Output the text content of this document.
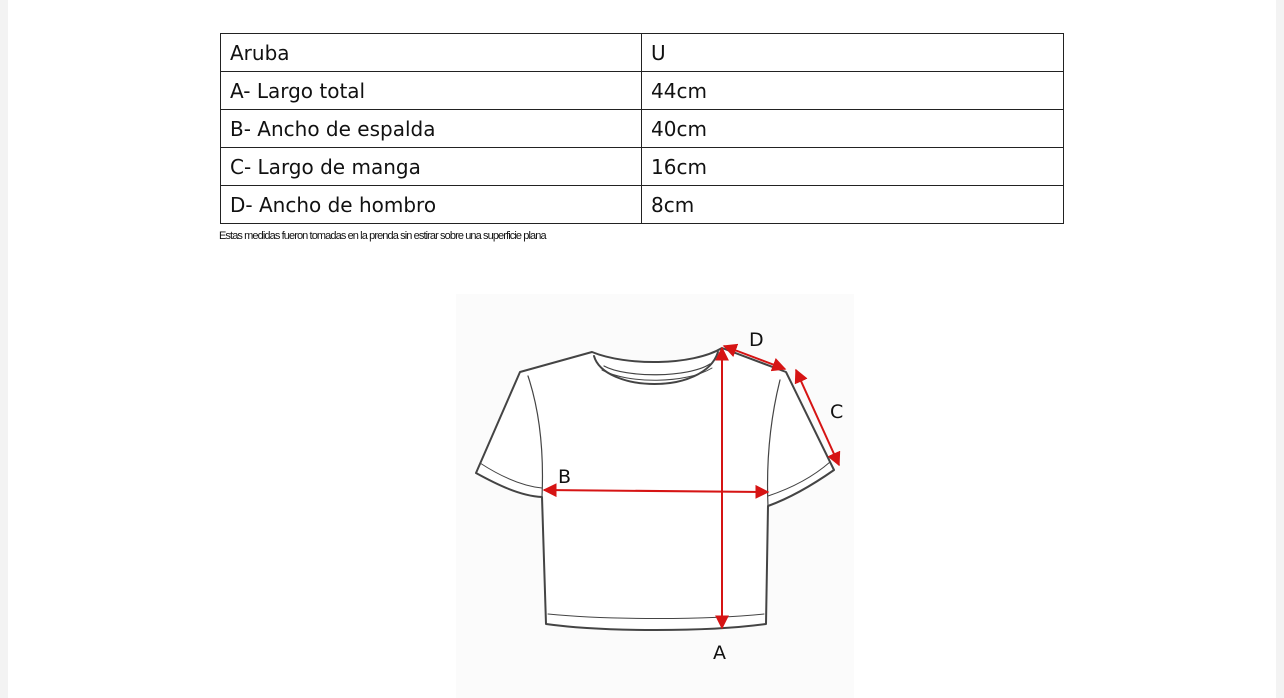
Aruba	U
A- Largo total	44cm
B- Ancho de espalda	40cm
C- Largo de manga	16cm
D- Ancho de hombro	8cm
Estas medidas fueron tomadas en la prenda sin estirar sobre una superficie plana
A
B
C
D
